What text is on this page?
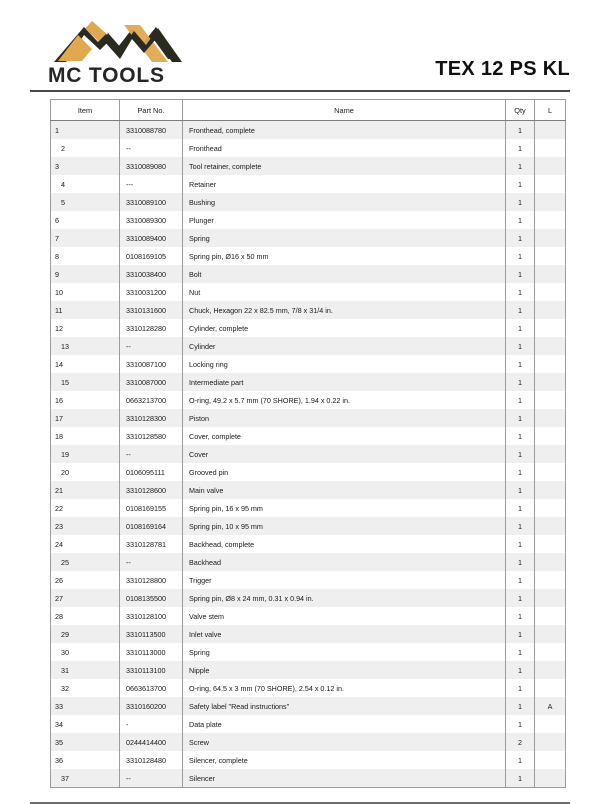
MC TOOLS	TEX 12 PS KL
Item	Part No.	Name	Qty	L
1	3310088780	Fronthead, complete	1	
2	--	Fronthead	1	
3	3310089080	Tool retainer, complete	1	
4	---	Retainer	1	
5	3310089100	Bushing	1	
6	3310089300	Plunger	1	
7	3310089400	Spring	1	
8	0108169105	Spring pin, Ø16 x 50 mm	1	
9	3310038400	Bolt	1	
10	3310031200	Nut	1	
11	3310131600	Chuck, Hexagon 22 x 82.5 mm, 7/8 x 31/4 in.	1	
12	3310128280	Cylinder, complete	1	
13	--	Cylinder	1	
14	3310087100	Locking ring	1	
15	3310087000	Intermediate part	1	
16	0663213700	O-ring, 49.2 x 5.7 mm (70 SHORE), 1.94 x 0.22 in.	1	
17	3310128300	Piston	1	
18	3310128580	Cover, complete	1	
19	--	Cover	1	
20	0106095111	Grooved pin	1	
21	3310128600	Main valve	1	
22	0108169155	Spring pin, 16 x 95 mm	1	
23	0108169164	Spring pin, 10 x 95 mm	1	
24	3310128781	Backhead, complete	1	
25	--	Backhead	1	
26	3310128800	Trigger	1	
27	0108135500	Spring pin, Ø8 x 24 mm, 0.31 x 0.94 in.	1	
28	3310128100	Valve stem	1	
29	3310113500	Inlet valve	1	
30	3310113000	Spring	1	
31	3310113100	Nipple	1	
32	0663613700	O-ring, 64.5 x 3 mm (70 SHORE), 2.54 x 0.12 in.	1	
33	3310160200	Safety label "Read instructions"	1	A
34	-	Data plate	1	
35	0244414400	Screw	2	
36	3310128480	Silencer, complete	1	
37	--	Silencer	1	
